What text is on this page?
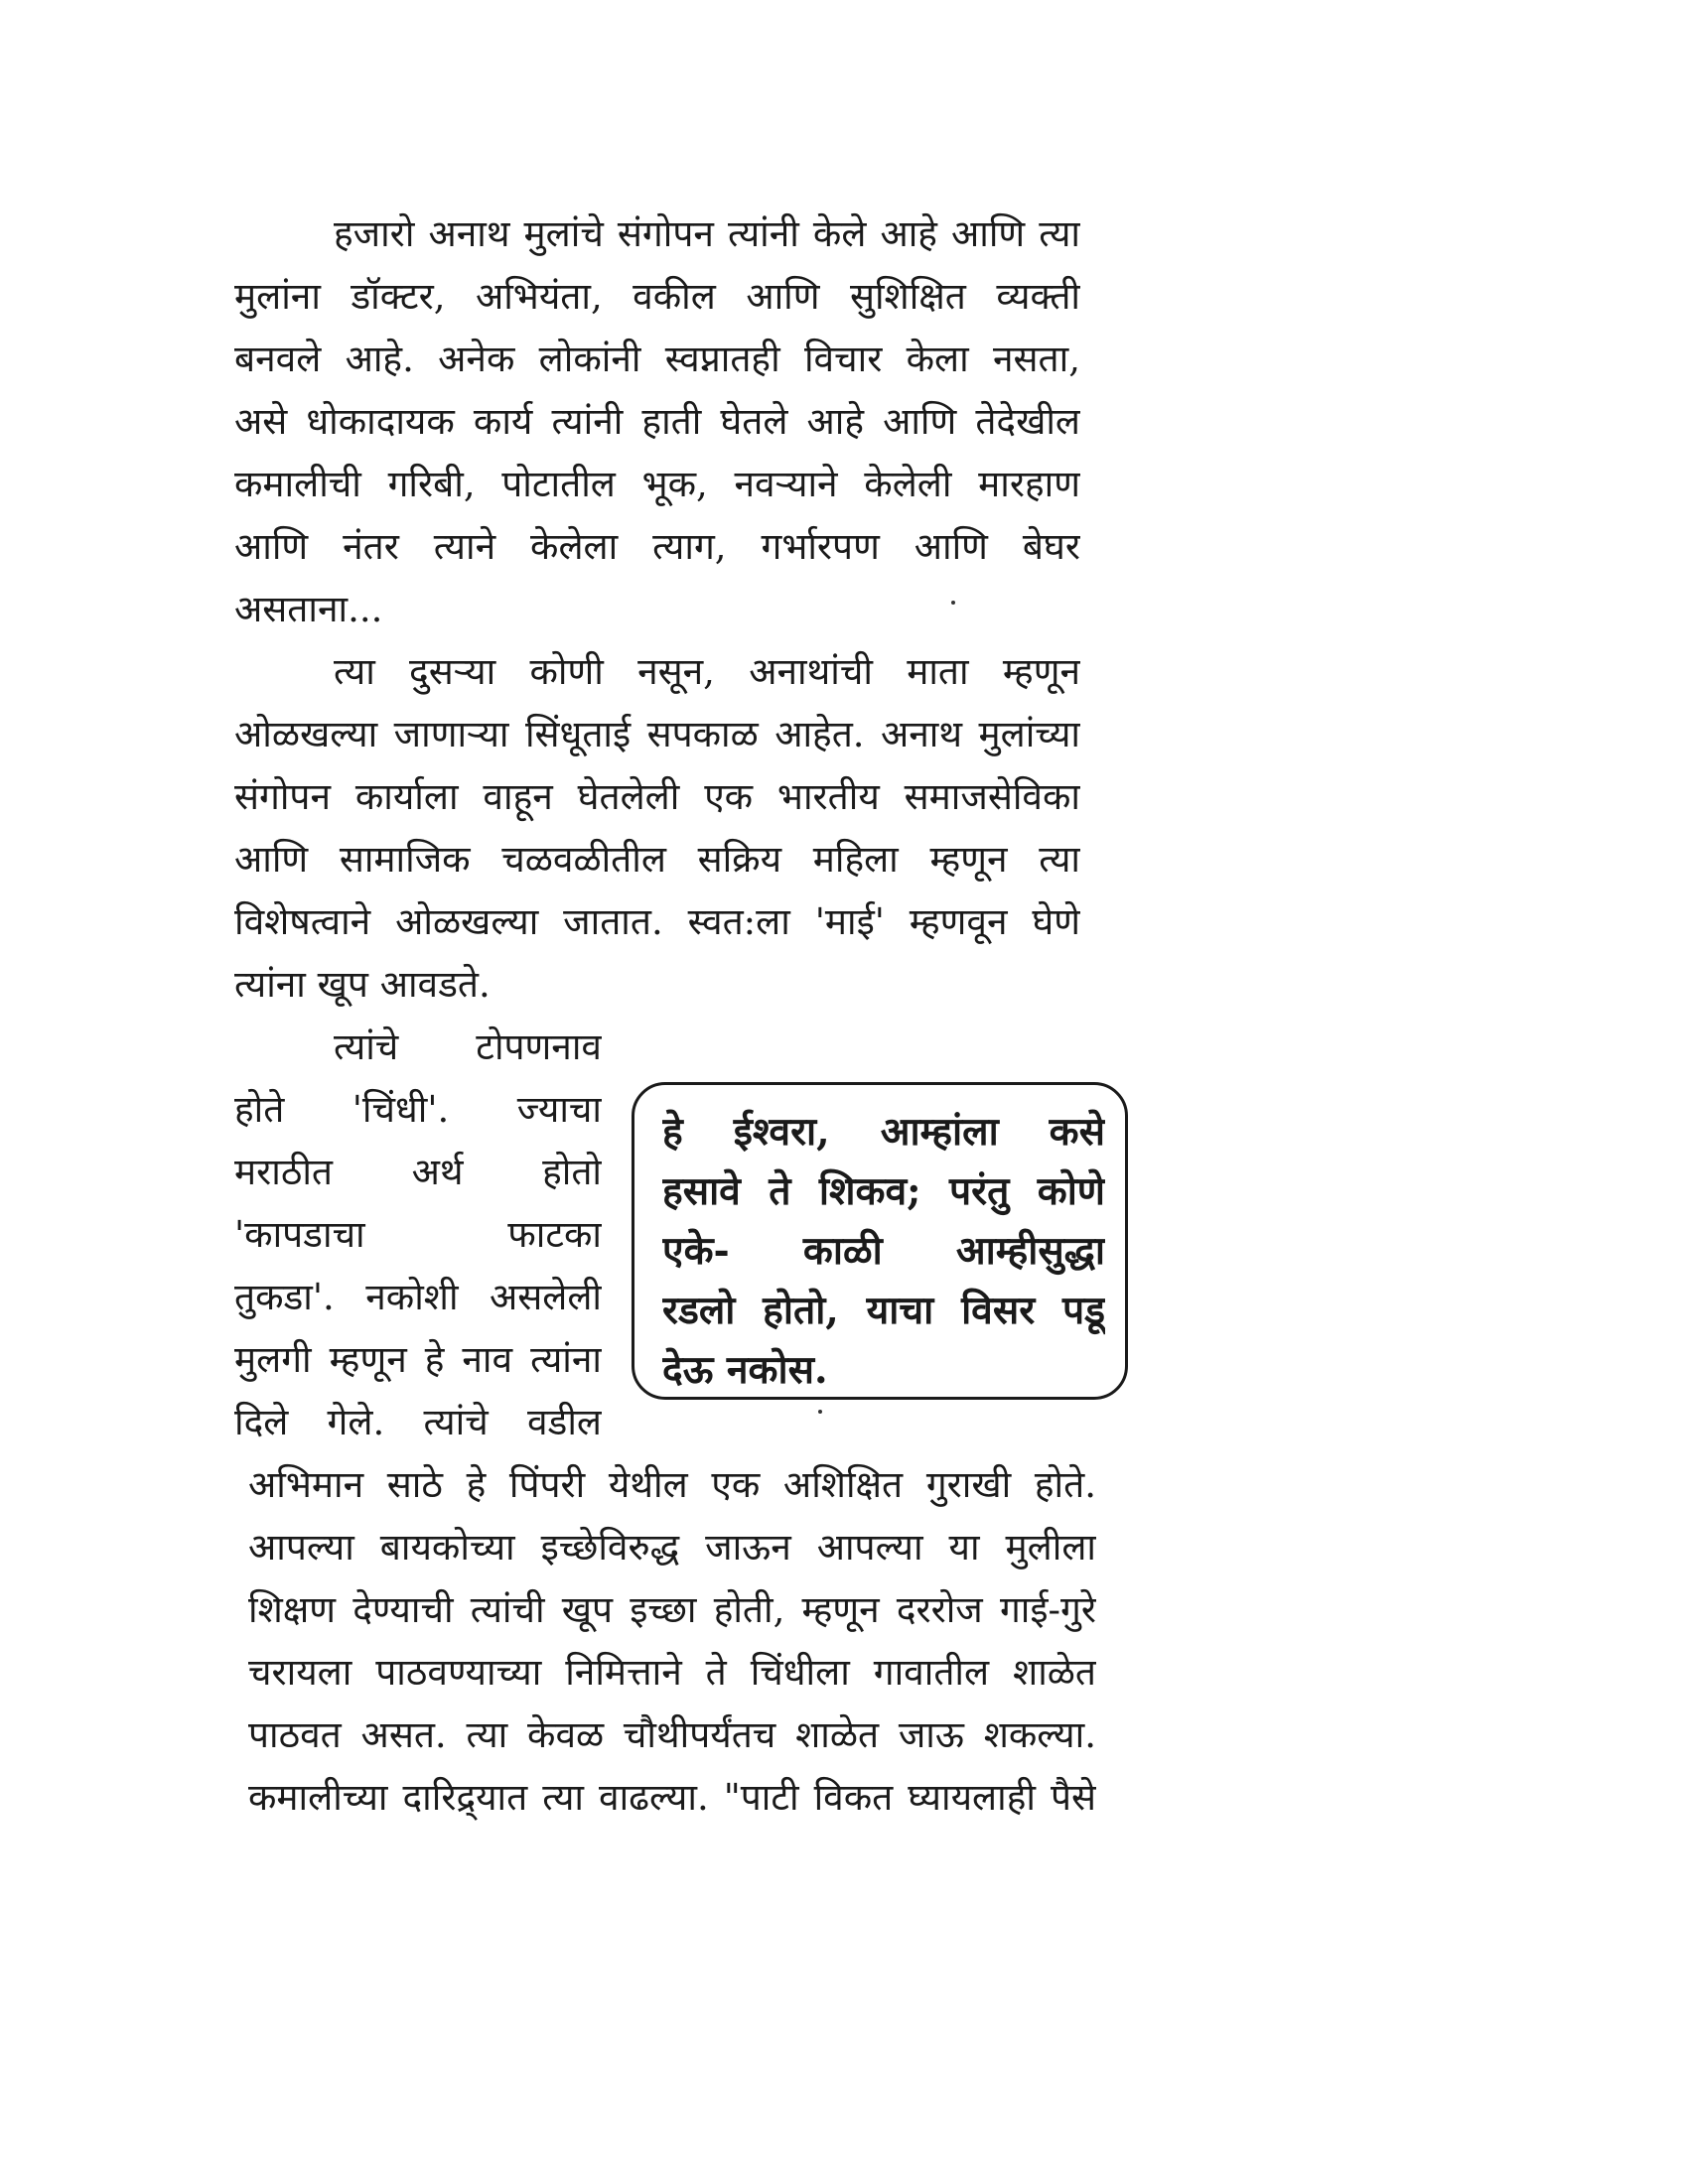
हजारो अनाथ मुलांचे संगोपन त्यांनी केले आहे आणि त्या
मुलांना डॉक्टर, अभियंता, वकील आणि सुशिक्षित व्यक्ती
बनवले आहे. अनेक लोकांनी स्वप्नातही विचार केला नसता,
असे धोकादायक कार्य त्यांनी हाती घेतले आहे आणि तेदेखील
कमालीची गरिबी, पोटातील भूक, नवऱ्याने केलेली मारहाण
आणि नंतर त्याने केलेला त्याग, गर्भारपण आणि बेघर
असताना...
त्या दुसऱ्या कोणी नसून, अनाथांची माता म्हणून
ओळखल्या जाणाऱ्या सिंधूताई सपकाळ आहेत. अनाथ मुलांच्या
संगोपन कार्याला वाहून घेतलेली एक भारतीय समाजसेविका
आणि सामाजिक चळवळीतील सक्रिय महिला म्हणून त्या
विशेषत्वाने ओळखल्या जातात. स्वत:ला 'माई' म्हणवून घेणे
त्यांना खूप आवडते.
त्यांचे टोपणनाव
होते 'चिंधी'. ज्याचा
मराठीत अर्थ होतो
'कापडाचा फाटका
तुकडा'. नकोशी असलेली
मुलगी म्हणून हे नाव त्यांना
दिले गेले. त्यांचे वडील
हे ईश्वरा, आम्हांला कसे
हसावे ते शिकव; परंतु कोणे
एके- काळी आम्हीसुद्धा
रडलो होतो, याचा विसर पडू
देऊ नकोस.
अभिमान साठे हे पिंपरी येथील एक अशिक्षित गुराखी होते.
आपल्या बायकोच्या इच्छेविरुद्ध जाऊन आपल्या या मुलीला
शिक्षण देण्याची त्यांची खूप इच्छा होती, म्हणून दररोज गाई-गुरे
चरायला पाठवण्याच्या निमित्ताने ते चिंधीला गावातील शाळेत
पाठवत असत. त्या केवळ चौथीपर्यंतच शाळेत जाऊ शकल्या.
कमालीच्या दारिद्र्यात त्या वाढल्या. "पाटी विकत घ्यायलाही पैसे
